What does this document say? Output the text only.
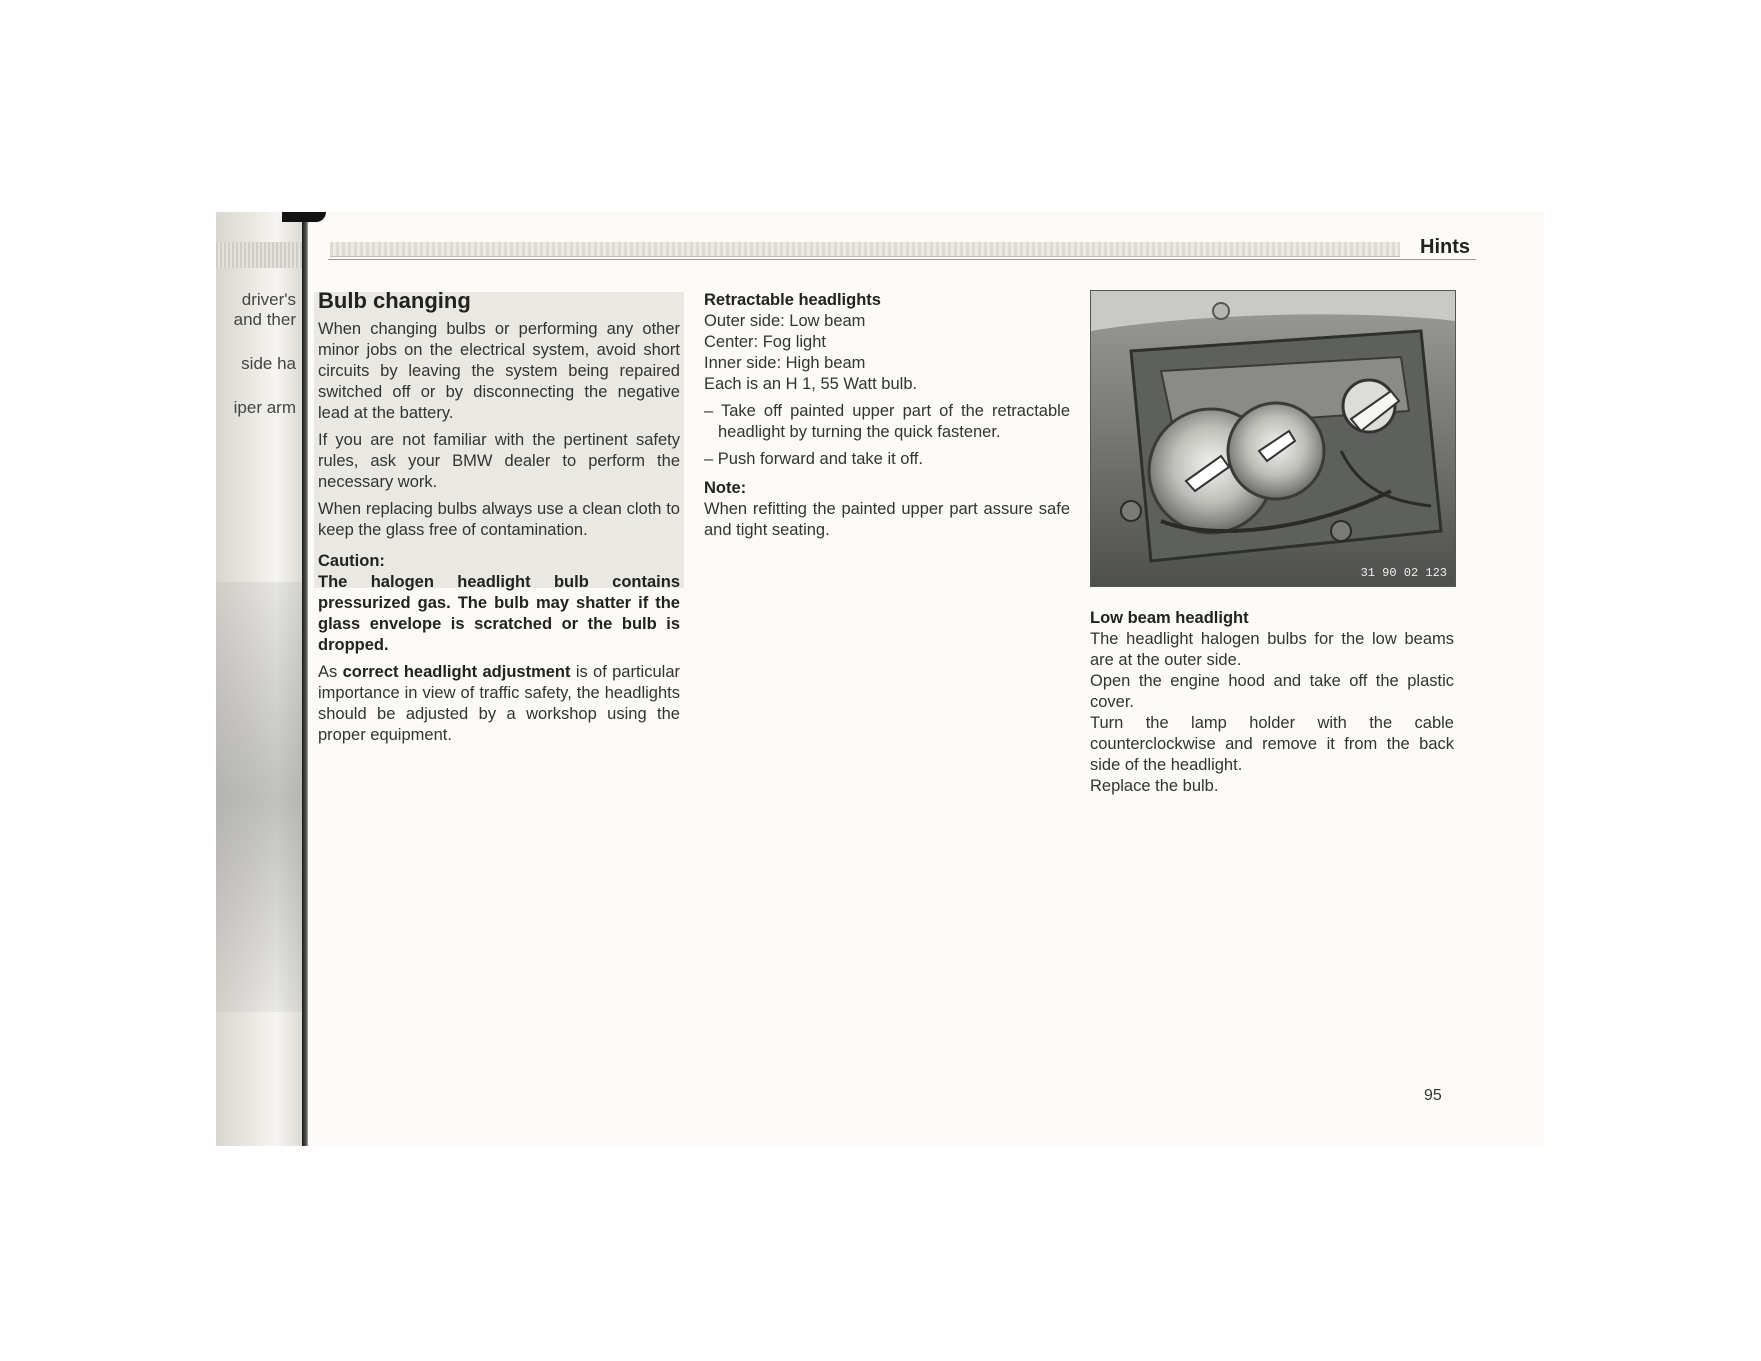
driver's
and ther
side ha
iper arm
Hints
Bulb changing

When changing bulbs or performing any other minor jobs on the electrical system, avoid short circuits by leaving the system being repaired switched off or by disconnecting the negative lead at the battery.

If you are not familiar with the pertinent safety rules, ask your BMW dealer to perform the necessary work.

When replacing bulbs always use a clean cloth to keep the glass free of contamination.

Caution:

The halogen headlight bulb contains pressurized gas. The bulb may shatter if the glass envelope is scratched or the bulb is dropped.

As correct headlight adjustment is of particular importance in view of traffic safety, the headlights should be adjusted by a workshop using the proper equipment.

Retractable headlights

Outer side: Low beam

Center: Fog light

Inner side: High beam

Each is an H 1, 55 Watt bulb.

– Take off painted upper part of the retractable headlight by turning the quick fastener.

– Push forward and take it off.

Note:

When refitting the painted upper part assure safe and tight seating.

31 90 02 123

Low beam headlight

The headlight halogen bulbs for the low beams are at the outer side.

Open the engine hood and take off the plastic cover.

Turn the lamp holder with the cable counterclockwise and remove it from the back side of the headlight.

Replace the bulb.

95
